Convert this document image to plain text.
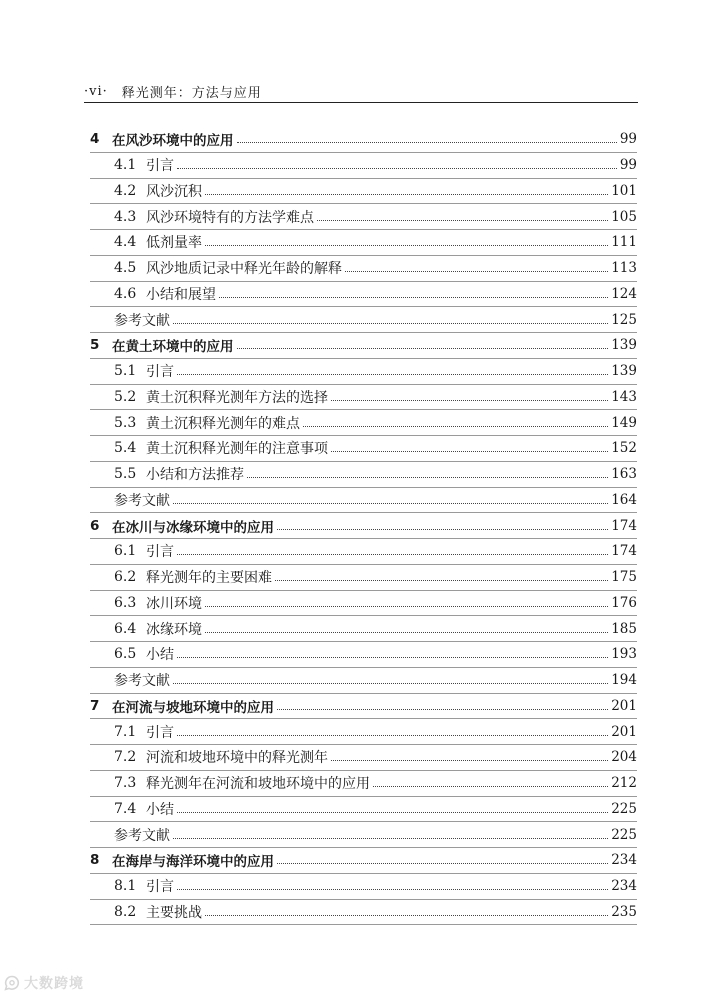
·vi· 释光测年：方法与应用
4 在风沙环境中的应用	99
4.1 引言	99
4.2 风沙沉积	101
4.3 风沙环境特有的方法学难点	105
4.4 低剂量率	111
4.5 风沙地质记录中释光年龄的解释	113
4.6 小结和展望	124
参考文献	125
5 在黄土环境中的应用	139
5.1 引言	139
5.2 黄土沉积释光测年方法的选择	143
5.3 黄土沉积释光测年的难点	149
5.4 黄土沉积释光测年的注意事项	152
5.5 小结和方法推荐	163
参考文献	164
6 在冰川与冰缘环境中的应用	174
6.1 引言	174
6.2 释光测年的主要困难	175
6.3 冰川环境	176
6.4 冰缘环境	185
6.5 小结	193
参考文献	194
7 在河流与坡地环境中的应用	201
7.1 引言	201
7.2 河流和坡地环境中的释光测年	204
7.3 释光测年在河流和坡地环境中的应用	212
7.4 小结	225
参考文献	225
8 在海岸与海洋环境中的应用	234
8.1 引言	234
8.2 主要挑战	235
大数跨境
